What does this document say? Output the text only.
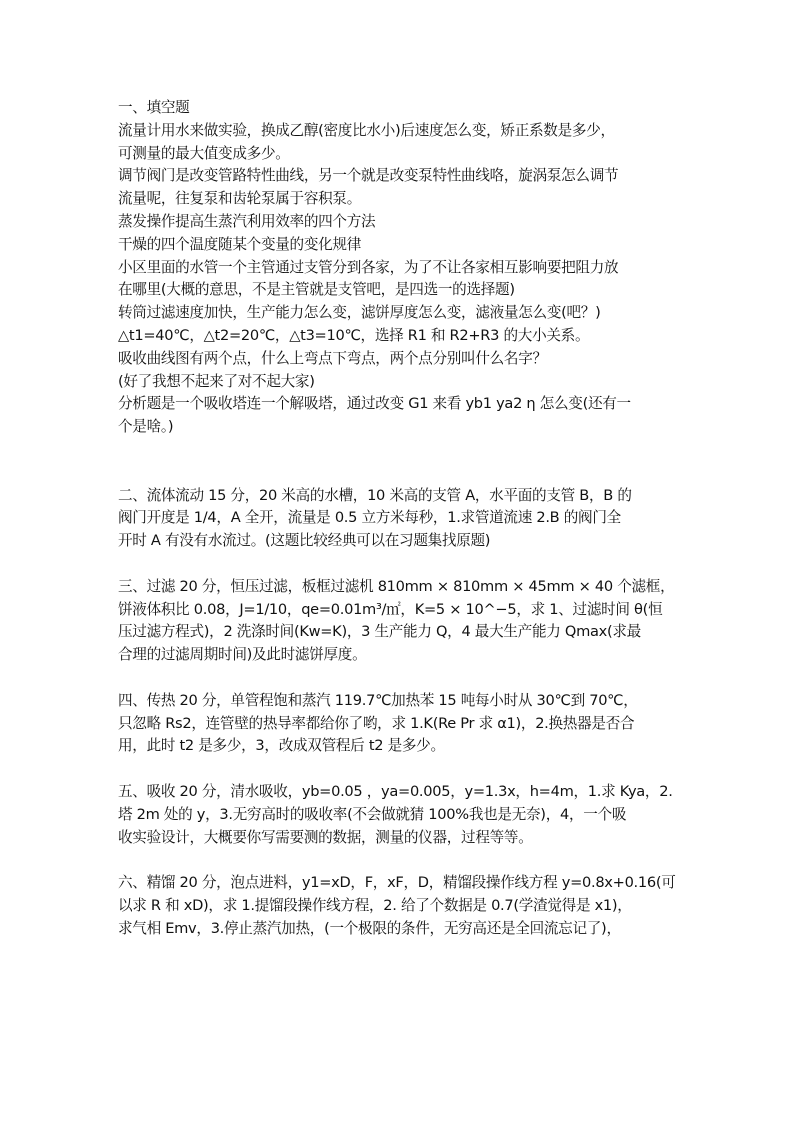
一、填空题
流量计用水来做实验，换成乙醇(密度比水小)后速度怎么变，矫正系数是多少，
可测量的最大值变成多少。
调节阀门是改变管路特性曲线，另一个就是改变泵特性曲线咯，旋涡泵怎么调节
流量呢，往复泵和齿轮泵属于容积泵。
蒸发操作提高生蒸汽利用效率的四个方法
干燥的四个温度随某个变量的变化规律
小区里面的水管一个主管通过支管分到各家，为了不让各家相互影响要把阻力放
在哪里(大概的意思，不是主管就是支管吧，是四选一的选择题)
转筒过滤速度加快，生产能力怎么变，滤饼厚度怎么变，滤液量怎么变(吧？)
△t1=40℃，△t2=20℃，△t3=10℃，选择 R1 和 R2+R3 的大小关系。
吸收曲线图有两个点，什么上弯点下弯点，两个点分别叫什么名字？
(好了我想不起来了对不起大家)
分析题是一个吸收塔连一个解吸塔，通过改变 G1 来看 yb1 ya2 η 怎么变(还有一
个是啥。)
二、流体流动 15 分，20 米高的水槽，10 米高的支管 A，水平面的支管 B，B 的
阀门开度是 1/4，A 全开，流量是 0.5 立方米每秒，1.求管道流速 2.B 的阀门全
开时 A 有没有水流过。(这题比较经典可以在习题集找原题)
三、过滤 20 分，恒压过滤，板框过滤机 810mm × 810mm × 45mm × 40 个滤框，
饼液体积比 0.08，J=1/10，qe=0.01m³/㎡，K=5 × 10^−5，求 1、过滤时间 θ(恒
压过滤方程式)，2 洗涤时间(Kw=K)，3 生产能力 Q，4 最大生产能力 Qmax(求最
合理的过滤周期时间)及此时滤饼厚度。
四、传热 20 分，单管程饱和蒸汽 119.7℃加热苯 15 吨每小时从 30℃到 70℃，
只忽略 Rs2，连管壁的热导率都给你了哟，求 1.K(Re Pr 求 α1)，2.换热器是否合
用，此时 t2 是多少，3，改成双管程后 t2 是多少。
五、吸收 20 分，清水吸收，yb=0.05 ，ya=0.005，y=1.3x，h=4m，1.求 Kya，2.
塔 2m 处的 y，3.无穷高时的吸收率(不会做就猜 100%我也是无奈)，4，一个吸
收实验设计，大概要你写需要测的数据，测量的仪器，过程等等。
六、精馏 20 分，泡点进料，y1=xD，F，xF，D，精馏段操作线方程 y=0.8x+0.16(可
以求 R 和 xD)，求 1.提馏段操作线方程，2. 给了个数据是 0.7(学渣觉得是 x1)，
求气相 Emv，3.停止蒸汽加热，(一个极限的条件，无穷高还是全回流忘记了)，
